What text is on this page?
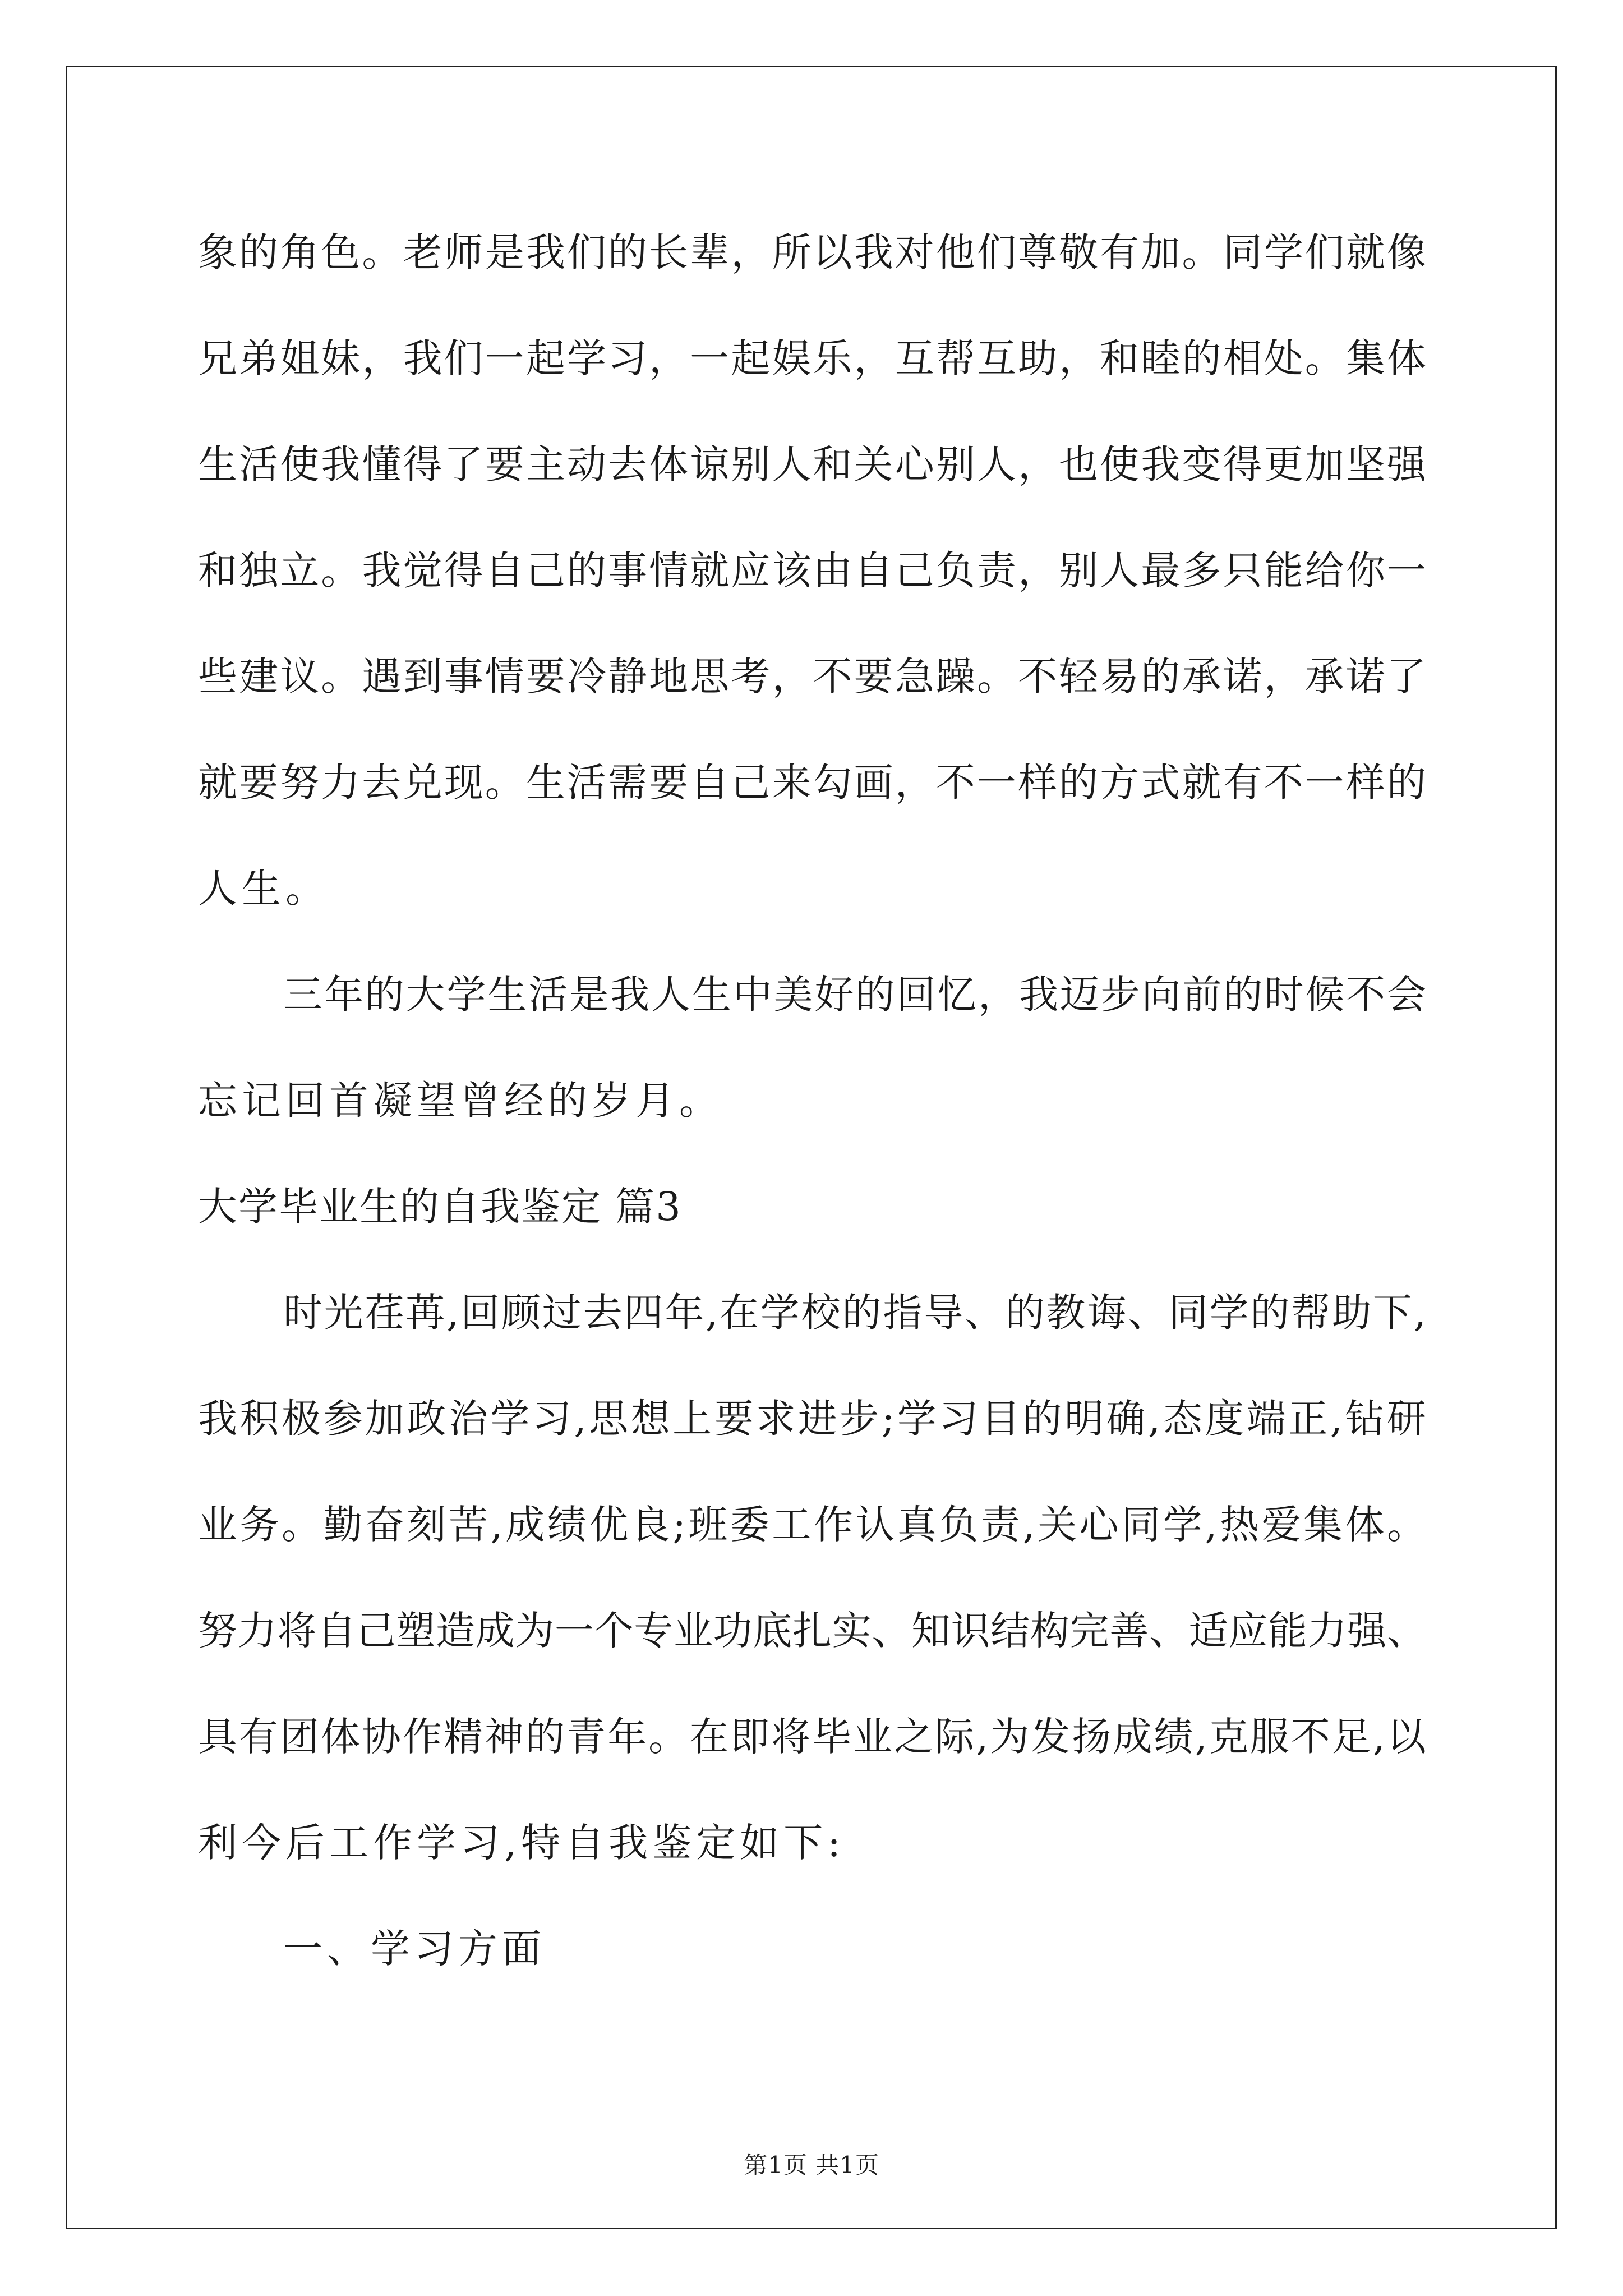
象的角色。老师是我们的长辈，所以我对他们尊敬有加。同学们就像
兄弟姐妹，我们一起学习，一起娱乐，互帮互助，和睦的相处。集体
生活使我懂得了要主动去体谅别人和关心别人，也使我变得更加坚强
和独立。我觉得自己的事情就应该由自己负责，别人最多只能给你一
些建议。遇到事情要冷静地思考，不要急躁。不轻易的承诺，承诺了
就要努力去兑现。生活需要自己来勾画，不一样的方式就有不一样的
人生。
三年的大学生活是我人生中美好的回忆，我迈步向前的时候不会
忘记回首凝望曾经的岁月。
大学毕业生的自我鉴定 篇3
时光荏苒,回顾过去四年,在学校的指导、的教诲、同学的帮助下,
我积极参加政治学习,思想上要求进步;学习目的明确,态度端正,钻研
业务。勤奋刻苦,成绩优良;班委工作认真负责,关心同学,热爱集体。
努力将自己塑造成为一个专业功底扎实、知识结构完善、适应能力强、
具有团体协作精神的青年。在即将毕业之际,为发扬成绩,克服不足,以
利今后工作学习,特自我鉴定如下:
一、学习方面
第1页 共1页
